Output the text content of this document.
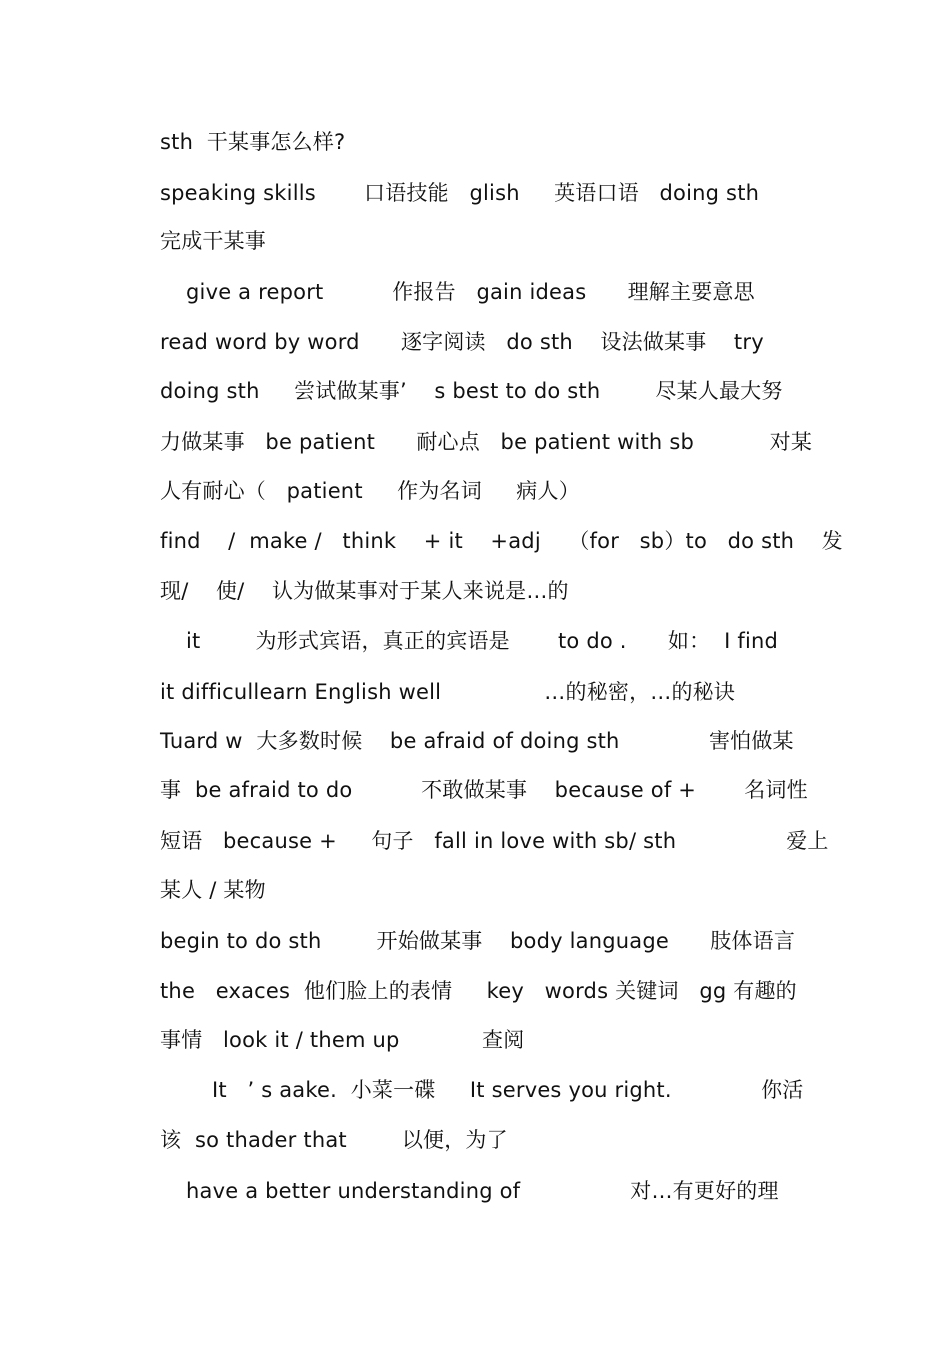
sth  干某事怎么样?
speaking skills       口语技能   glish     英语口语   doing sth
完成干某事
give a report          作报告   gain ideas      理解主要意思
read word by word      逐字阅读   do sth    设法做某事    try
doing sth     尝试做某事’    s best to do sth        尽某人最大努
力做某事   be patient      耐心点   be patient with sb           对某
人有耐心（   patient     作为名词     病人）
find    /  make /   think    + it    +adj    （for   sb）to   do sth    发
现/    使/    认为做某事对于某人来说是…的
it        为形式宾语，真正的宾语是       to do .      如：  I find
it difficullearn English well               …的秘密，…的秘诀
Tuard w  大多数时候    be afraid of doing sth             害怕做某
事  be afraid to do          不敢做某事    because of +       名词性
短语   because +     句子   fall in love with sb/ sth                爱上
某人 / 某物
begin to do sth        开始做某事    body language      肢体语言
the   exaces  他们脸上的表情     key   words 关键词   gg 有趣的
事情   look it / them up            查阅
It   ’ s aake.  小菜一碟     It serves you right.             你活
该  so thader that        以便，为了
have a better understanding of                对…有更好的理
